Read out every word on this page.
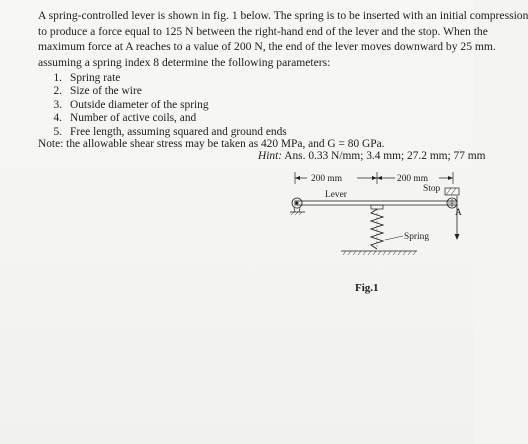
A spring-controlled lever is shown in fig. 1 below. The spring is to be inserted with an initial compression
to produce a force equal to 125 N between the right-hand end of the lever and the stop. When the
maximum force at A reaches to a value of 200 N, the end of the lever moves downward by 25 mm.
assuming a spring index 8 determine the following parameters:
1. Spring rate
2. Size of the wire
3. Outside diameter of the spring
4. Number of active coils, and
5. Free length, assuming squared and ground ends
Note: the allowable shear stress may be taken as 420 MPa, and G = 80 GPa.
Hint: Ans. 0.33 N/mm; 3.4 mm; 27.2 mm; 77 mm
200 mm	200 mm
Lever
Stop
A
Spring
Fig.1
